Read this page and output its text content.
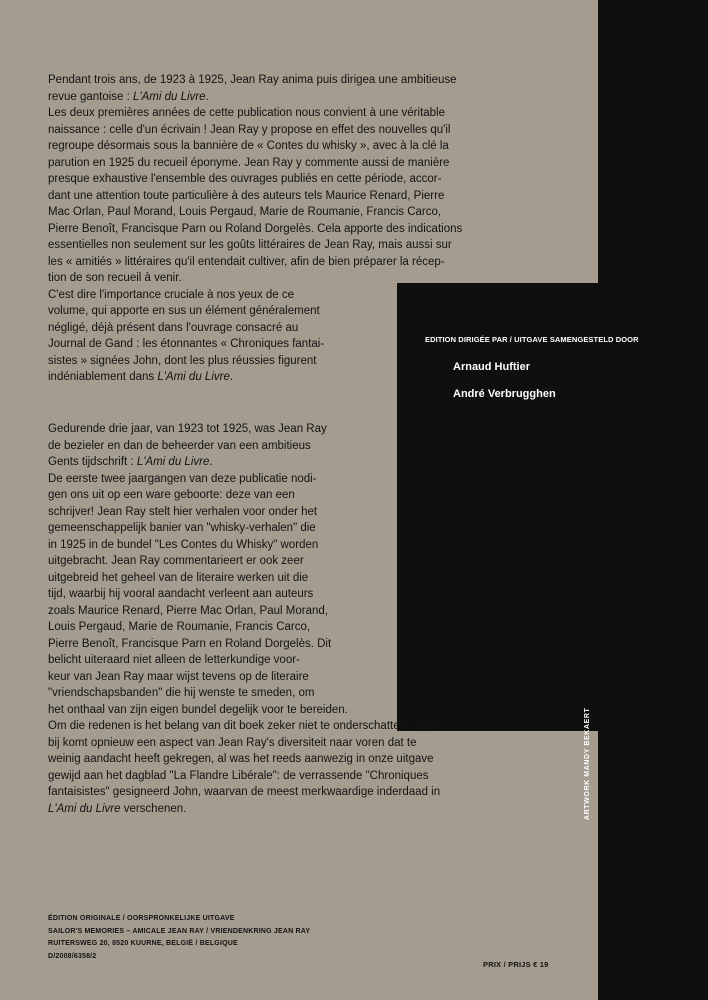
EDITION DIRIGÉE PAR / UITGAVE SAMENGESTELD DOOR
Arnaud Huftier
André Verbrugghen
ARTWORK MANDY BEKAERT

Pendant trois ans, de 1923 à 1925, Jean Ray anima puis dirigea une ambitieuse
revue gantoise : L'Ami du Livre.

Les deux premières années de cette publication nous convient à une véritable
naissance : celle d'un écrivain ! Jean Ray y propose en effet des nouvelles qu'il
regroupe désormais sous la bannière de « Contes du whisky », avec à la clé la
parution en 1925 du recueil éponyme. Jean Ray y commente aussi de manière
presque exhaustive l'ensemble des ouvrages publiés en cette période, accor-
dant une attention toute particulière à des auteurs tels Maurice Renard, Pierre
Mac Orlan, Paul Morand, Louis Pergaud, Marie de Roumanie, Francis Carco,
Pierre Benoît, Francisque Parn ou Roland Dorgelès. Cela apporte des indications
essentielles non seulement sur les goûts littéraires de Jean Ray, mais aussi sur
les « amitiés » littéraires qu'il entendait cultiver, afin de bien préparer la récep-
tion de son recueil à venir.

C'est dire l'importance cruciale à nos yeux de ce
volume, qui apporte en sus un élément généralement
négligé, déjà présent dans l'ouvrage consacré au
Journal de Gand : les étonnantes « Chroniques fantai-
sistes » signées John, dont les plus réussies figurent
indéniablement dans L'Ami du Livre.

Gedurende drie jaar, van 1923 tot 1925, was Jean Ray
de bezieler en dan de beheerder van een ambitieus
Gents tijdschrift : L'Ami du Livre.

De eerste twee jaargangen van deze publicatie nodi-
gen ons uit op een ware geboorte: deze van een
schrijver! Jean Ray stelt hier verhalen voor onder het
gemeenschappelijk banier van "whisky-verhalen" die
in 1925 in de bundel "Les Contes du Whisky" worden
uitgebracht. Jean Ray commentarieert er ook zeer
uitgebreid het geheel van de literaire werken uit die
tijd, waarbij hij vooral aandacht verleent aan auteurs
zoals Maurice Renard, Pierre Mac Orlan, Paul Morand,
Louis Pergaud, Marie de Roumanie, Francis Carco,
Pierre Benoît, Francisque Parn en Roland Dorgelès. Dit
belicht uiteraard niet alleen de letterkundige voor-
keur van Jean Ray maar wijst tevens op de literaire
"vriendschapsbanden" die hij wenste te smeden, om
het onthaal van zijn eigen bundel degelijk voor te bereiden.

Om die redenen is het belang van dit boek zeker niet te onderschatten ; daar-
bij komt opnieuw een aspect van Jean Ray's diversiteit naar voren dat te
weinig aandacht heeft gekregen, al was het reeds aanwezig in onze uitgave
gewijd aan het dagblad "La Flandre Libérale": de verrassende "Chroniques
fantaisistes" gesigneerd John, waarvan de meest merkwaardige inderdaad in
L'Ami du Livre verschenen.

ÉDITION ORIGINALE / OORSPRONKELIJKE UITGAVE
SAILOR'S MEMORIES – AMICALE JEAN RAY / VRIENDENKRING JEAN RAY
RUITERSWEG 20, 8520 KUURNE, BELGIË / BELGIQUE
D/2008/6358/2
PRIX / PRIJS € 19
